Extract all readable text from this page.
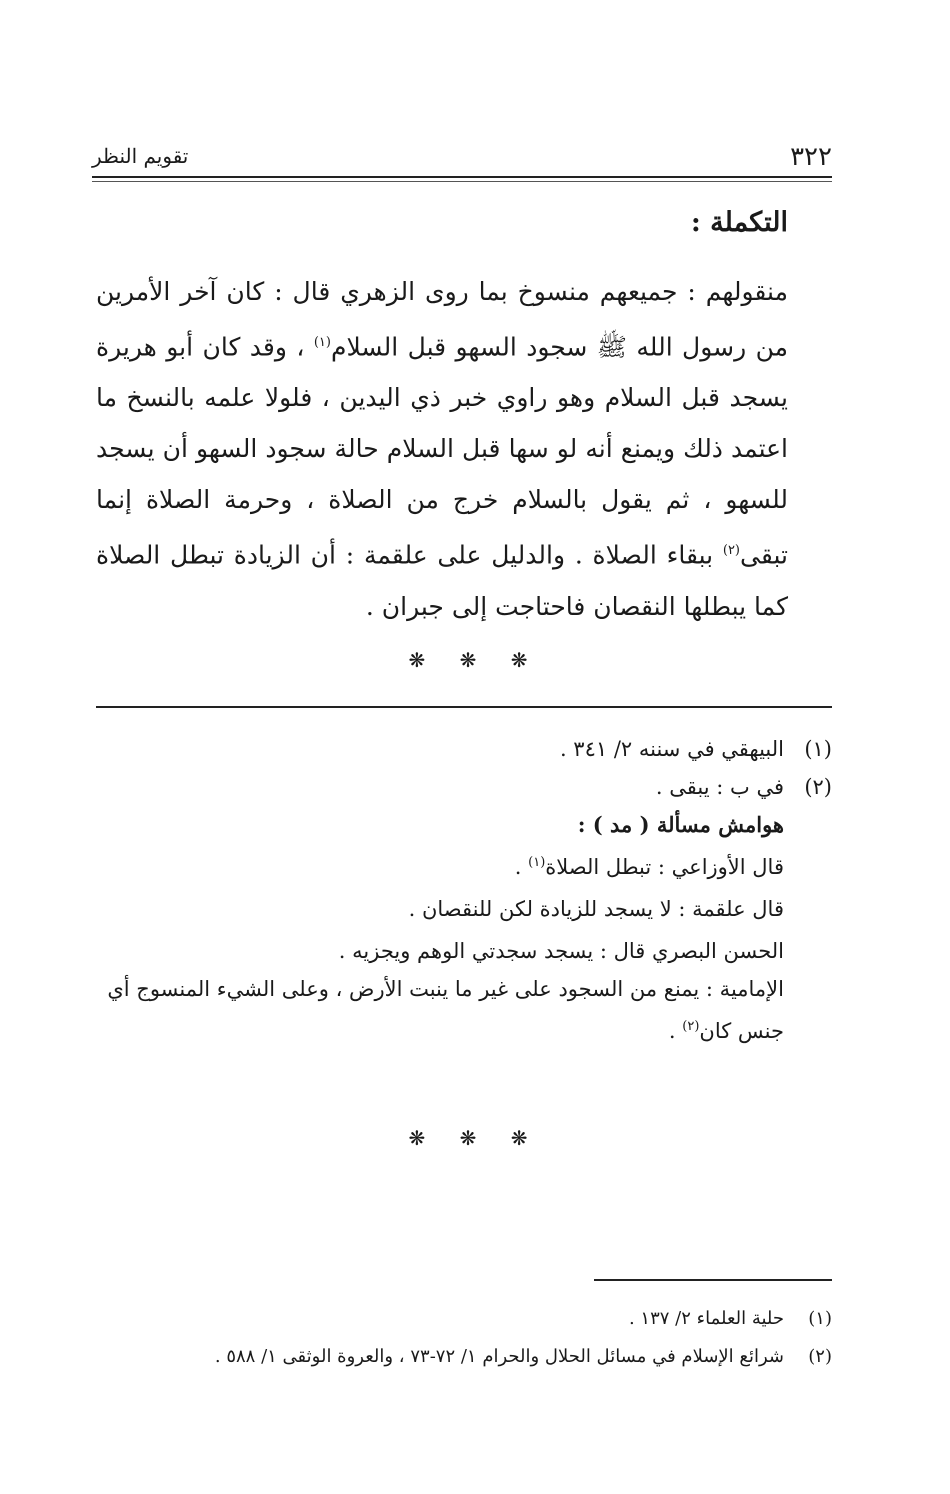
٣٢٢
تقويم النظر
التكملة :

منقولهم : جميعهم منسوخ بما روى الزهري قال : كان آخر الأمرين من رسول الله ﷺ سجود السهو قبل السلام$^{(١)}$ ، وقد كان أبو هريرة يسجد قبل السلام وهو راوي خبر ذي اليدين ، فلولا علمه بالنسخ ما اعتمد ذلك ويمنع أنه لو سها قبل السلام حالة سجود السهو أن يسجد للسهو ، ثم يقول بالسلام خرج من الصلاة ، وحرمة الصلاة إنما تبقى$^{(٢)}$ ببقاء الصلاة . والدليل على علقمة : أن الزيادة تبطل الصلاة كما يبطلها النقصان فاحتاجت إلى جبران .

❋ ❋ ❋
(١)
البيهقي في سننه ٢/ ٣٤١ .
(٢)
في ب : يبقى .
هوامش مسألة ( مد ) :
قال الأوزاعي : تبطل الصلاة$^{(١)}$ .
قال علقمة : لا يسجد للزيادة لكن للنقصان .
الحسن البصري قال : يسجد سجدتي الوهم ويجزيه .
الإمامية : يمنع من السجود على غير ما ينبت الأرض ، وعلى الشيء المنسوج أي جنس كان$^{(٢)}$ .
❋ ❋ ❋
(١)
حلية العلماء ٢/ ١٣٧ .
(٢)
شرائع الإسلام في مسائل الحلال والحرام ١/ ٧٢-٧٣ ، والعروة الوثقى ١/ ٥٨٨ .
